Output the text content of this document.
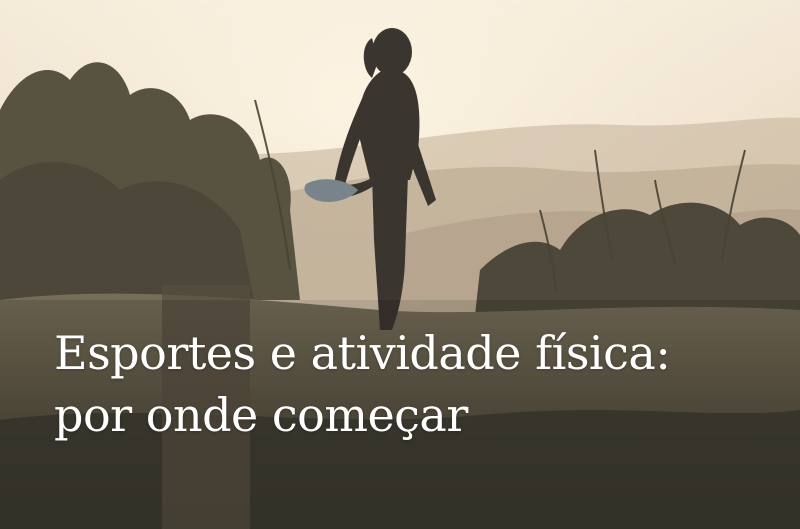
Esportes e atividade física:
por onde começar
